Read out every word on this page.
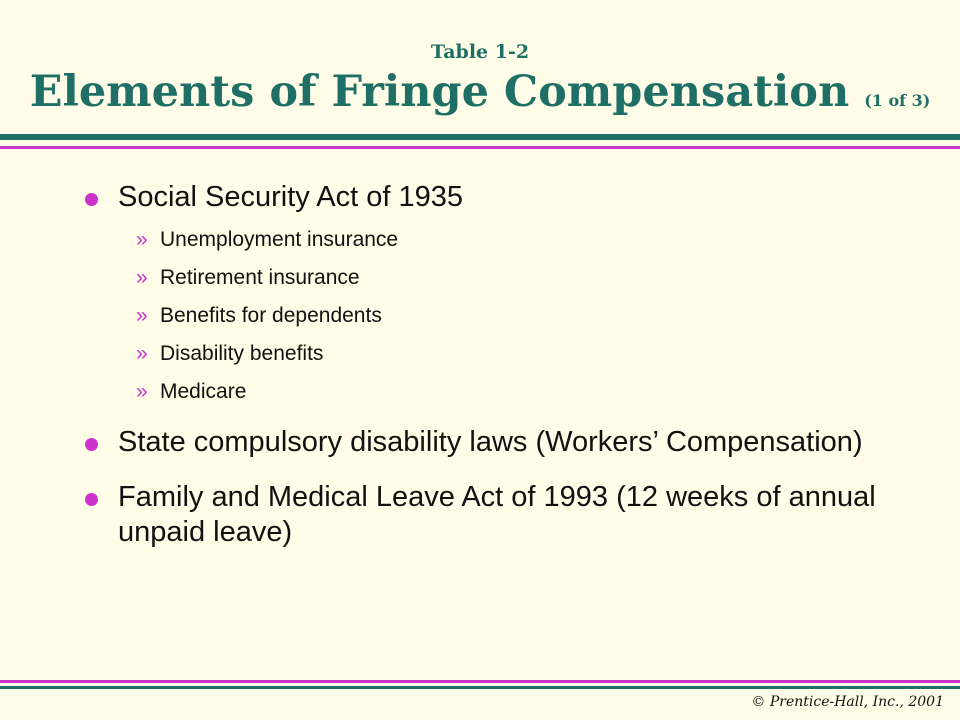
Table 1-2
Elements of Fringe Compensation (1 of 3)
Social Security Act of 1935
» Unemployment insurance
» Retirement insurance
» Benefits for dependents
» Disability benefits
» Medicare
State compulsory disability laws (Workers’ Compensation)
Family and Medical Leave Act of 1993 (12 weeks of annual unpaid leave)
© Prentice-Hall, Inc., 2001
